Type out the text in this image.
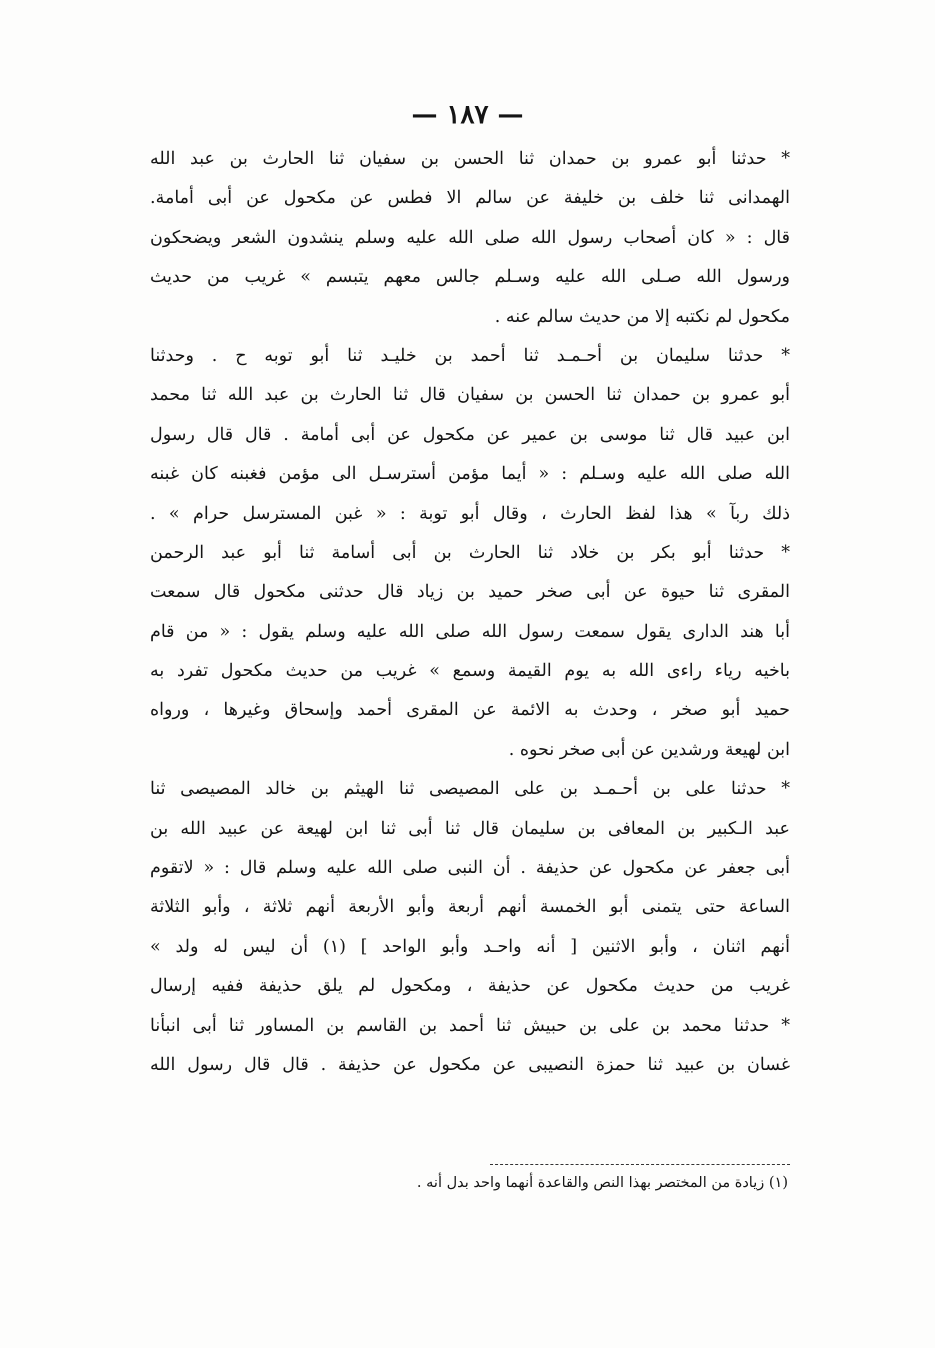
— ١٨٧ —
* حدثنا أبو عمرو بن حمدان ثنا الحسن بن سفيان ثنا الحارث بن عبد الله
الهمدانى ثنا خلف بن خليفة عن سالم الا فطس عن مكحول عن أبى أمامة.
قال : « كان أصحاب رسول الله صلى الله عليه وسلم ينشدون الشعر ويضحكون
ورسول الله صـلى الله عليه وسـلم جالس معهم يتبسم » غريب من حديث
مكحول لم نكتبه إلا من حديث سالم عنه .
* حدثنا سليمان بن أحـمـد ثنا أحمد بن خليـد ثنا أبو توبه ح . وحدثنا
أبو عمرو بن حمدان ثنا الحسن بن سفيان قال ثنا الحارث بن عبد الله ثنا محمد
ابن عبيد قال ثنا موسى بن عمير عن مكحول عن أبى أمامة . قال قال رسول
الله صلى الله عليه وسـلم : « أيما مؤمن أسترسـل الى مؤمن فغبنه كان غبنه
ذلك ربآ » هذا لفظ الحارث ، وقال أبو توبة : « غبن المسترسل حرام » .
* حدثنا أبو بكر بن خلاد ثنا الحارث بن أبى أسامة ثنا أبو عبد الرحمن
المقرى ثنا حيوة عن أبى صخر حميد بن زياد قال حدثنى مكحول قال سمعت
أبا هند الدارى يقول سمعت رسول الله صلى الله عليه وسلم يقول : « من قام
باخيه رياء راءى الله به يوم القيمة وسمع » غريب من حديث مكحول تفرد به
حميد أبو صخر ، وحدث به الائمة عن المقرى أحمد وإسحاق وغيرها ، ورواه
ابن لهيعة ورشدين عن أبى صخر نحوه .
* حدثنا على بن أحـمـد بن على المصيصى ثنا الهيثم بن خالد المصيصى ثنا
عبد الـكبير بن المعافى بن سليمان قال ثنا أبى ثنا ابن لهيعة عن عبيد الله بن
أبى جعفر عن مكحول عن حذيفة . أن النبى صلى الله عليه وسلم قال : « لاتقوم
الساعة حتى يتمنى أبو الخمسة أنهم أربعة وأبو الأربعة أنهم ثلاثة ، وأبو الثلاثة
أنهم اثنان ، وأبو الاثنين [ أنه واحـد وأبو الواحد ] (١) أن ليس له ولد »
غريب من حديث مكحول عن حذيفة ، ومكحول لم يلق حذيفة ففيه إرسال
* حدثنا محمد بن على بن حبيش ثنا أحمد بن القاسم بن المساور ثنا أبى انبأنا
غسان بن عبيد ثنا حمزة النصيبى عن مكحول عن حذيفة . قال قال رسول الله
(١) زيادة من المختصر بهذا النص والقاعدة أنهما واحد بدل أنه .
